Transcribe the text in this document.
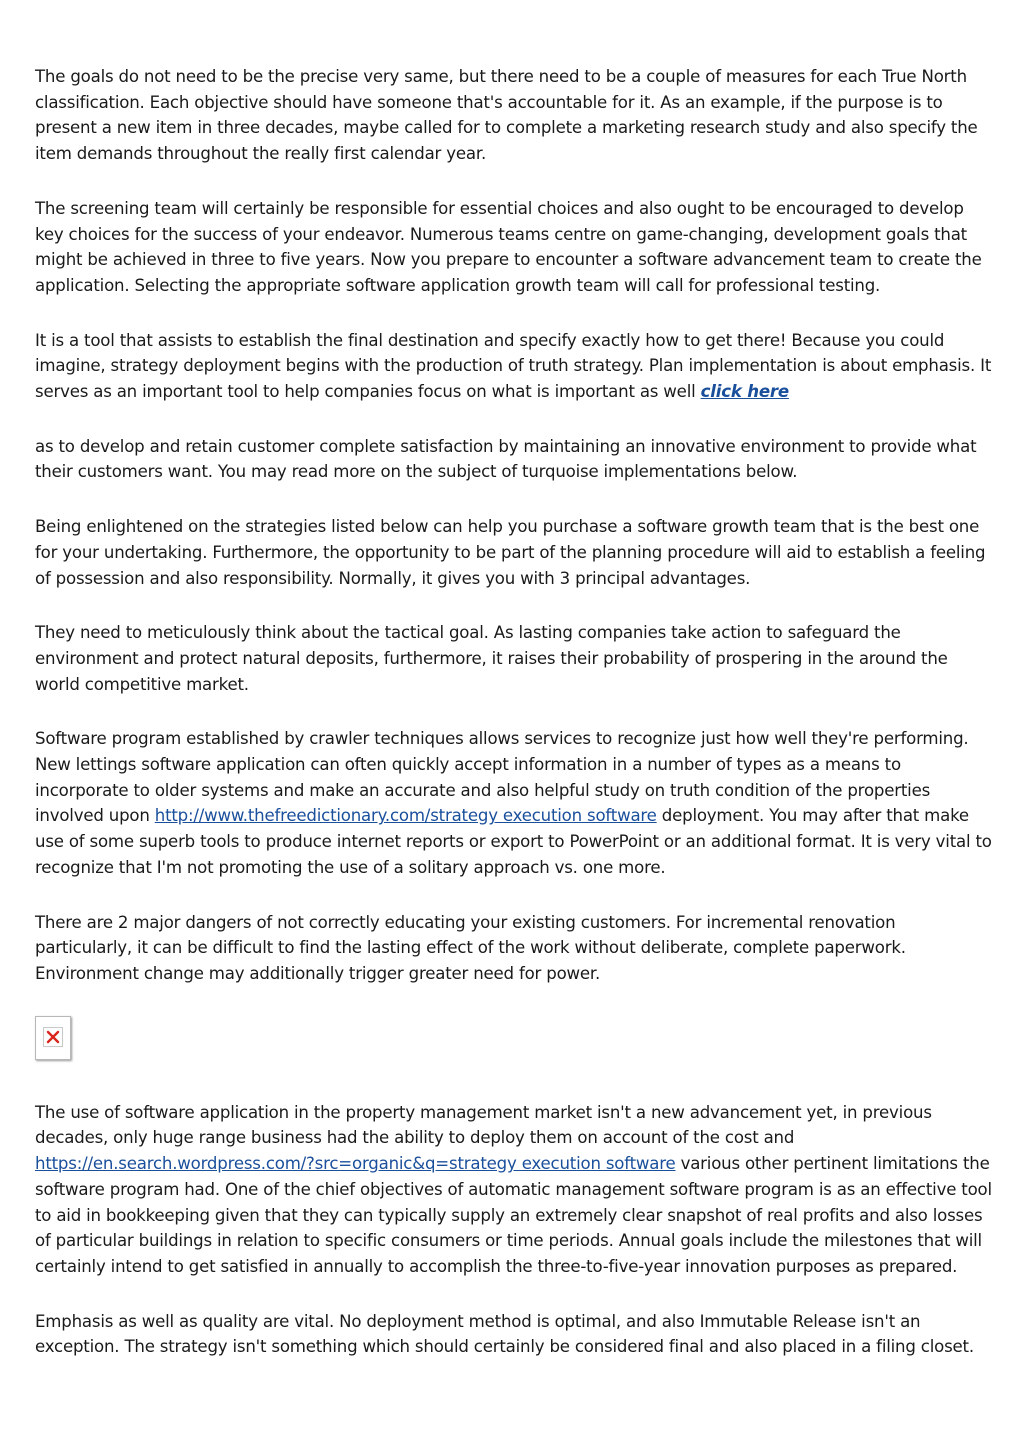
The goals do not need to be the precise very same, but there need to be a couple of measures for each True North classification. Each objective should have someone that's accountable for it. As an example, if the purpose is to present a new item in three decades, maybe called for to complete a marketing research study and also specify the item demands throughout the really first calendar year.

The screening team will certainly be responsible for essential choices and also ought to be encouraged to develop key choices for the success of your endeavor. Numerous teams centre on game-changing, development goals that might be achieved in three to five years. Now you prepare to encounter a software advancement team to create the application. Selecting the appropriate software application growth team will call for professional testing.

It is a tool that assists to establish the final destination and specify exactly how to get there! Because you could imagine, strategy deployment begins with the production of truth strategy. Plan implementation is about emphasis. It serves as an important tool to help companies focus on what is important as well click here

as to develop and retain customer complete satisfaction by maintaining an innovative environment to provide what their customers want. You may read more on the subject of turquoise implementations below.

Being enlightened on the strategies listed below can help you purchase a software growth team that is the best one for your undertaking. Furthermore, the opportunity to be part of the planning procedure will aid to establish a feeling of possession and also responsibility. Normally, it gives you with 3 principal advantages.

They need to meticulously think about the tactical goal. As lasting companies take action to safeguard the environment and protect natural deposits, furthermore, it raises their probability of prospering in the around the world competitive market.

Software program established by crawler techniques allows services to recognize just how well they're performing. New lettings software application can often quickly accept information in a number of types as a means to incorporate to older systems and make an accurate and also helpful study on truth condition of the properties involved upon http://www.thefreedictionary.com/strategy execution software deployment. You may after that make use of some superb tools to produce internet reports or export to PowerPoint or an additional format. It is very vital to recognize that I'm not promoting the use of a solitary approach vs. one more.

There are 2 major dangers of not correctly educating your existing customers. For incremental renovation particularly, it can be difficult to find the lasting effect of the work without deliberate, complete paperwork. Environment change may additionally trigger greater need for power.

The use of software application in the property management market isn't a new advancement yet, in previous decades, only huge range business had the ability to deploy them on account of the cost and https://en.search.wordpress.com/?src=organic&q=strategy execution software various other pertinent limitations the software program had. One of the chief objectives of automatic management software program is as an effective tool to aid in bookkeeping given that they can typically supply an extremely clear snapshot of real profits and also losses of particular buildings in relation to specific consumers or time periods. Annual goals include the milestones that will certainly intend to get satisfied in annually to accomplish the three-to-five-year innovation purposes as prepared.

Emphasis as well as quality are vital. No deployment method is optimal, and also Immutable Release isn't an exception. The strategy isn't something which should certainly be considered final and also placed in a filing closet.
